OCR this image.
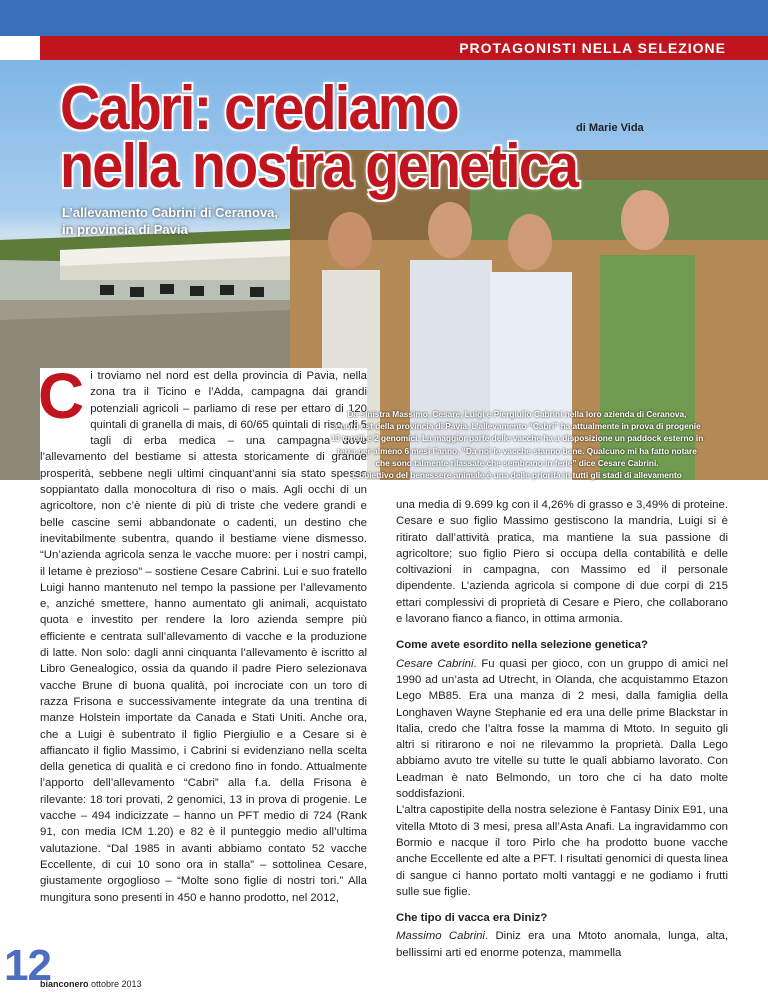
PROTAGONISTI NELLA SELEZIONE
Cabri: crediamo
nella nostra genetica
di Marie Vida
L’allevamento Cabrini di Ceranova,
in provincia di Pavia
C i troviamo nel nord est della provincia di Pavia, nella zona tra il Ticino e l’Adda, campagna dai grandi potenziali agricoli – parliamo di rese per ettaro di 120 quintali di granella di mais, di 60/65 quintali di riso, di 5 tagli di erba medica – una campagna dove l’allevamento del bestiame si attesta storicamente di grande prosperità, sebbene negli ultimi cinquant’anni sia stato spesso soppiantato dalla monocoltura di riso o mais. Agli occhi di un agricoltore, non c’è niente di più di triste che vedere grandi e belle cascine semi abbandonate o cadenti, un destino che inevitabilmente subentra, quando il bestiame viene dismesso. “Un’azienda agricola senza le vacche muore: per i nostri campi, il letame è prezioso” – sostiene Cesare Cabrini. Lui e suo fratello Luigi hanno mantenuto nel tempo la passione per l’allevamento e, anziché smettere, hanno aumentato gli animali, acquistato quota e investito per rendere la loro azienda sempre più efficiente e centrata sull’allevamento di vacche e la produzione di latte. Non solo: dagli anni cinquanta l’allevamento è iscritto al Libro Genealogico, ossia da quando il padre Piero selezionava vacche Brune di buona qualità, poi incrociate con un toro di razza Frisona e successivamente integrate da una trentina di manze Holstein importate da Canada e Stati Uniti. Anche ora, che a Luigi è subentrato il figlio Piergiulio e a Cesare si è affiancato il figlio Massimo, i Cabrini si evidenziano nella scelta della genetica di qualità e ci credono fino in fondo. Attualmente l’apporto dell’allevamento “Cabri” alla f.a. della Frisona è rilevante: 18 tori provati, 2 genomici, 13 in prova di progenie. Le vacche – 494 indicizzate – hanno un PFT medio di 724 (Rank 91, con media ICM 1.20) e 82 è il punteggio medio all’ultima valutazione. “Dal 1985 in avanti abbiamo contato 52 vacche Eccellente, di cui 10 sono ora in stalla” – sottolinea Cesare, giustamente orgoglioso – “Molte sono figlie di nostri tori.” Alla mungitura sono presenti in 450 e hanno prodotto, nel 2012,

Da sinistra Massimo, Cesare, Luigi e Piergiulio Cabrini nella loro azienda di Ceranova,
a nord est della provincia di Pavia. L’allevamento “Cabri” ha attualmente in prova di progenie
13 torelli e 2 genomici. La maggior parte delle vacche ha a disposizione un paddock esterno in
terra per almeno 6 mesi l’anno. “Da noi le vacche stanno bene. Qualcuno mi ha fatto notare
che sono talmente rilassate che sembrano in ferie” dice Cesare Cabrini.
L’obiettivo del benessere animale è una delle priorità in tutti gli stadi di allevamento

una media di 9.699 kg con il 4,26% di grasso e 3,49% di proteine. Cesare e suo figlio Massimo gestiscono la mandria, Luigi si è ritirato dall’attività pratica, ma mantiene la sua passione di agricoltore; suo figlio Piero si occupa della contabilità e delle coltivazioni in campagna, con Massimo ed il personale dipendente. L’azienda agricola si compone di due corpi di 215 ettari complessivi di proprietà di Cesare e Piero, che collaborano e lavorano fianco a fianco, in ottima armonia.

Come avete esordito nella selezione genetica?

Cesare Cabrini. Fu quasi per gioco, con un gruppo di amici nel 1990 ad un’asta ad Utrecht, in Olanda, che acquistammo Etazon Lego MB85. Era una manza di 2 mesi, dalla famiglia della Longhaven Wayne Stephanie ed era una delle prime Blackstar in Italia, credo che l’altra fosse la mamma di Mtoto. In seguito gli altri si ritirarono e noi ne rilevammo la proprietà. Dalla Lego abbiamo avuto tre vitelle su tutte le quali abbiamo lavorato. Con Leadman è nato Belmondo, un toro che ci ha dato molte soddisfazioni.

L’altra capostipite della nostra selezione è Fantasy Dinix E91, una vitella Mtoto di 3 mesi, presa all’Asta Anafi. La ingravidammo con Bormio e nacque il toro Pirlo che ha prodotto buone vacche anche Eccellente ed alte a PFT. I risultati genomici di questa linea di sangue ci hanno portato molti vantaggi e ne godiamo i frutti sulle sue figlie.

Che tipo di vacca era Diniz?

Massimo Cabrini. Diniz era una Mtoto anomala, lunga, alta, bellissimi arti ed enorme potenza, mammella

12
bianconero ottobre 2013
